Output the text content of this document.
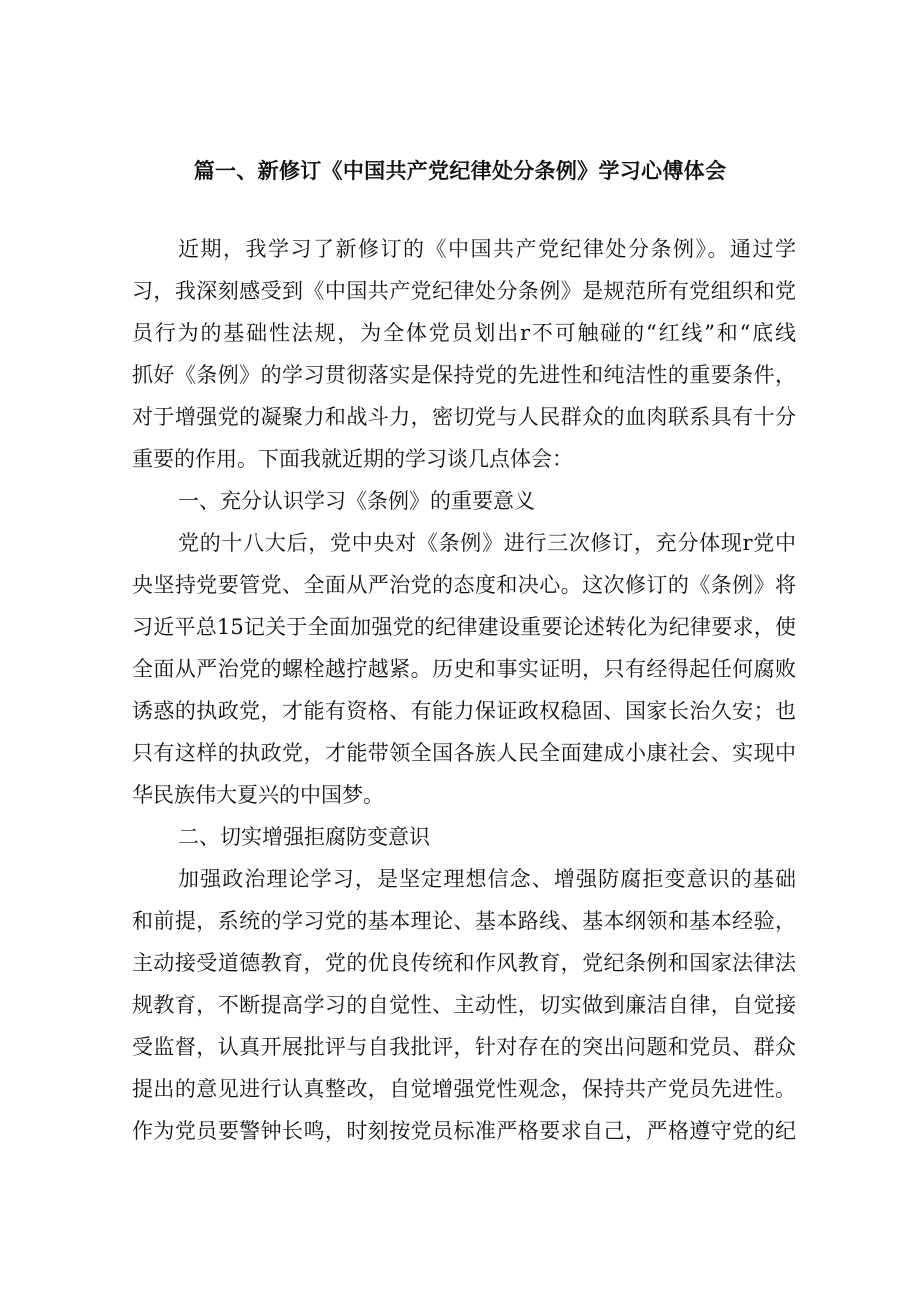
篇一、新修订《中国共产党纪律处分条例》学习心傅体会
近期，我学习了新修订的《中国共产党纪律处分条例》。通过学
习，我深刻感受到《中国共产党纪律处分条例》是规范所有党组织和党
员行为的基础性法规，为全体党员划出r不可触碰的“红线”和“底线
抓好《条例》的学习贯彻落实是保持党的先进性和纯洁性的重要条件，
对于增强党的凝聚力和战斗力，密切党与人民群众的血肉联系具有十分
重要的作用。下面我就近期的学习谈几点体会：
一、充分认识学习《条例》的重要意义
党的十八大后，党中央对《条例》进行三次修订，充分体现r党中
央坚持党要管党、全面从严治党的态度和决心。这次修订的《条例》将
习近平总15记关于全面加强党的纪律建设重要论述转化为纪律要求，使
全面从严治党的螺栓越拧越紧。历史和事实证明，只有经得起任何腐败
诱惑的执政党，才能有资格、有能力保证政权稳固、国家长治久安；也
只有这样的执政党，才能带领全国各族人民全面建成小康社会、实现中
华民族伟大夏兴的中国梦。
二、切实增强拒腐防变意识
加强政治理论学习，是坚定理想信念、增强防腐拒变意识的基础
和前提，系统的学习党的基本理论、基本路线、基本纲领和基本经验，
主动接受道德教育，党的优良传统和作风教育，党纪条例和国家法律法
规教育，不断提高学习的自觉性、主动性，切实做到廉洁自律，自觉接
受监督，认真开展批评与自我批评，针对存在的突出问题和党员、群众
提出的意见进行认真整改，自觉增强党性观念，保持共产党员先进性。
作为党员要警钟长鸣，时刻按党员标准严格要求自己，严格遵守党的纪
